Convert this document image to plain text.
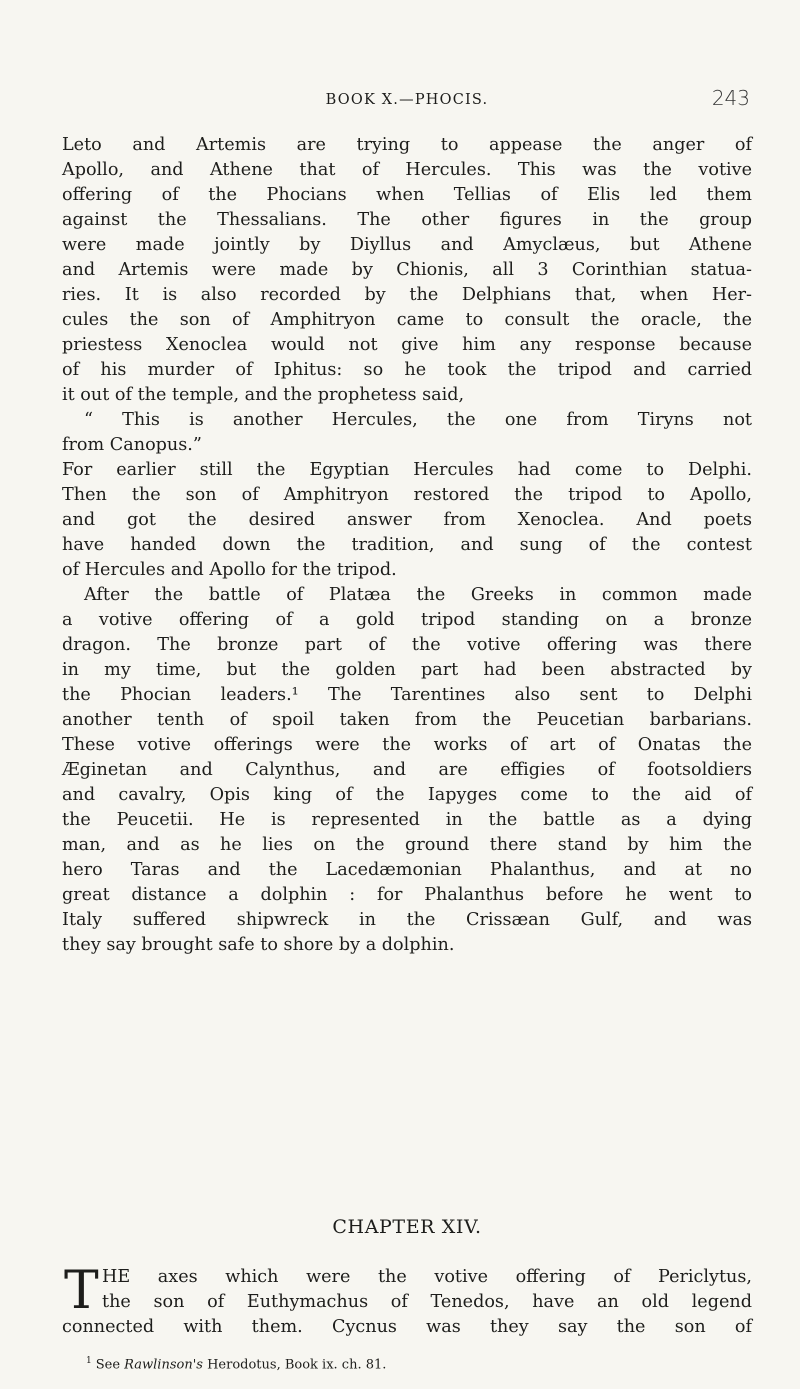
BOOK X.—PHOCIS.	243
Leto and Artemis are trying to appease the anger of
Apollo, and Athene that of Hercules. This was the votive
offering of the Phocians when Tellias of Elis led them
against the Thessalians. The other figures in the group
were made jointly by Diyllus and Amyclæus, but Athene
and Artemis were made by Chionis, all 3 Corinthian statua-
ries. It is also recorded by the Delphians that, when Her-
cules the son of Amphitryon came to consult the oracle, the
priestess Xenoclea would not give him any response because
of his murder of Iphitus: so he took the tripod and carried
it out of the temple, and the prophetess said,
“ This is another Hercules, the one from Tiryns not
from Canopus.”
For earlier still the Egyptian Hercules had come to Delphi.
Then the son of Amphitryon restored the tripod to Apollo,
and got the desired answer from Xenoclea. And poets
have handed down the tradition, and sung of the contest
of Hercules and Apollo for the tripod.
After the battle of Platæa the Greeks in common made
a votive offering of a gold tripod standing on a bronze
dragon. The bronze part of the votive offering was there
in my time, but the golden part had been abstracted by
the Phocian leaders.¹ The Tarentines also sent to Delphi
another tenth of spoil taken from the Peucetian barbarians.
These votive offerings were the works of art of Onatas the
Æginetan and Calynthus, and are effigies of footsoldiers
and cavalry, Opis king of the Iapyges come to the aid of
the Peucetii. He is represented in the battle as a dying
man, and as he lies on the ground there stand by him the
hero Taras and the Lacedæmonian Phalanthus, and at no
great distance a dolphin : for Phalanthus before he went to
Italy suffered shipwreck in the Crissæan Gulf, and was
they say brought safe to shore by a dolphin.
CHAPTER XIV.
T HE axes which were the votive offering of Periclytus,
the son of Euthymachus of Tenedos, have an old legend
connected with them. Cycnus was they say the son of
$^1$ See Rawlinson's Herodotus, Book ix. ch. 81.
